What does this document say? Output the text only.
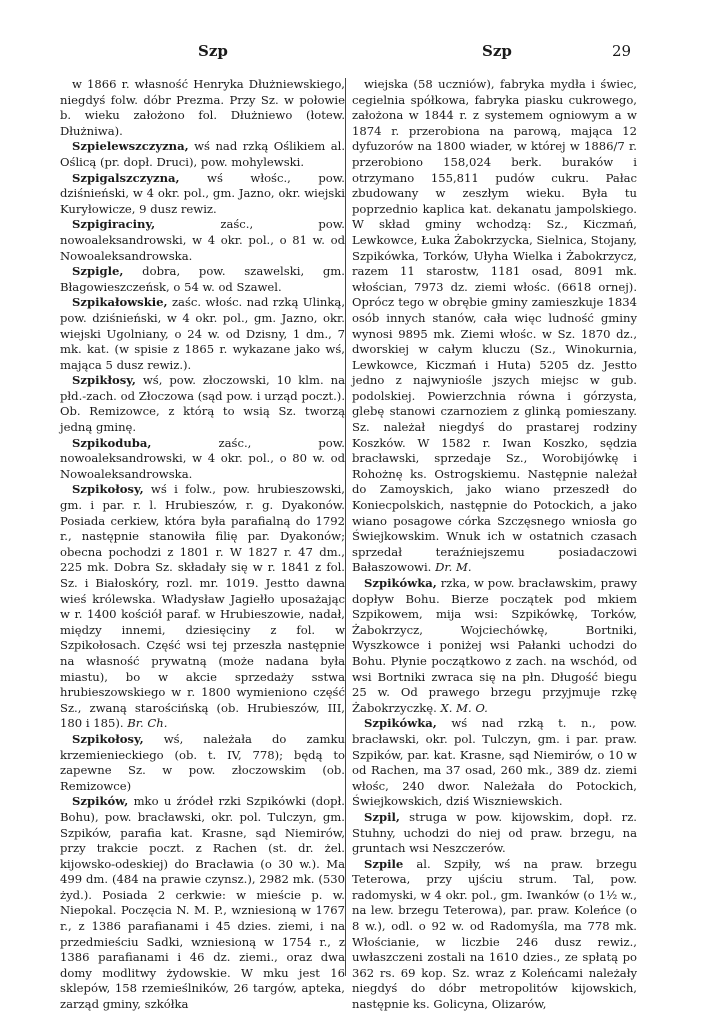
Szp	Szp	29

w 1866 r. własność Henryka Dłużniewskiego, niegdyś folw. dóbr Prezma. Przy Sz. w połowie b. wieku założono fol. Dłużniewo (łotew. Dłużniwa).

Szpielewszczyzna, wś nad rzką Oślikiem al. Oślicą (pr. dopł. Druci), pow. mohylewski.

Szpigalszczyzna, wś włośc., pow. dziśnieński, w 4 okr. pol., gm. Jazno, okr. wiejski Kuryłowicze, 9 dusz rewiz.

Szpigiraciny, zaśc., pow. nowoaleksandrowski, w 4 okr. pol., o 81 w. od Nowoaleksandrowska.

Szpigle, dobra, pow. szawelski, gm. Błagowieszczeńsk, o 54 w. od Szawel.

Szpikałowskie, zaśc. włośc. nad rzką Ulinką, pow. dziśnieński, w 4 okr. pol., gm. Jazno, okr. wiejski Ugolniany, o 24 w. od Dzisny, 1 dm., 7 mk. kat. (w spisie z 1865 r. wykazane jako wś, mająca 5 dusz rewiz.).

Szpikłosy, wś, pow. złoczowski, 10 klm. na płd.-zach. od Złoczowa (sąd pow. i urząd poczt.). Ob. Remizowce, z którą to wsią Sz. tworzą jedną gminę.

Szpikoduba, zaśc., pow. nowoaleksandrowski, w 4 okr. pol., o 80 w. od Nowoaleksandrowska.

Szpikołosy, wś i folw., pow. hrubieszowski, gm. i par. r. l. Hrubieszów, r. g. Dyakonów. Posiada cerkiew, która była parafialną do 1792 r., następnie stanowiła filię par. Dyakonów; obecna pochodzi z 1801 r. W 1827 r. 47 dm., 225 mk. Dobra Sz. składały się w r. 1841 z fol. Sz. i Białoskóry, rozl. mr. 1019. Jestto dawna wieś królewska. Władysław Jagiełło uposażając w r. 1400 kościół paraf. w Hrubieszowie, nadał, między innemi, dziesięciny z fol. w Szpikołosach. Część wsi tej przeszła następnie na własność prywatną (może nadana była miastu), bo w akcie sprzedaży sstwa hrubieszowskiego w r. 1800 wymieniono część Sz., zwaną starościńską (ob. Hrubieszów, III, 180 i 185). Br. Ch.

Szpikołosy, wś, należała do zamku krzemienieckiego (ob. t. IV, 778); będą to zapewne Sz. w pow. złoczowskim (ob. Remizowce)

Szpików, mko u źródeł rzki Szpikówki (dopł. Bohu), pow. bracławski, okr. pol. Tulczyn, gm. Szpików, parafia kat. Krasne, sąd Niemirów, przy trakcie poczt. z Rachen (st. dr. żel. kijowsko-odeskiej) do Bracławia (o 30 w.). Ma 499 dm. (484 na prawie czynsz.), 2982 mk. (530 żyd.). Posiada 2 cerkwie: w mieście p. w. Niepokal. Poczęcia N. M. P., wzniesioną w 1767 r., z 1386 parafianami i 45 dzies. ziemi, i na przedmieściu Sadki, wzniesioną w 1754 r., z 1386 parafianami i 46 dz. ziemi., oraz dwa domy modlitwy żydowskie. W mku jest 16 sklepów, 158 rzemieślników, 26 targów, apteka, zarząd gminy, szkółka

wiejska (58 uczniów), fabryka mydła i świec, cegielnia spółkowa, fabryka piasku cukrowego, założona w 1844 r. z systemem ogniowym a w 1874 r. przerobiona na parową, mająca 12 dyfuzorów na 1800 wiader, w której w 1886/7 r. przerobiono 158,024 berk. buraków i otrzymano 155,811 pudów cukru. Pałac zbudowany w zeszłym wieku. Była tu poprzednio kaplica kat. dekanatu jampolskiego. W skład gminy wchodzą: Sz., Kiczmań, Lewkowce, Łuka Żabokrzycka, Sielnica, Stojany, Szpikówka, Torków, Ułyha Wielka i Żabokrzycz, razem 11 starostw, 1181 osad, 8091 mk. włościan, 7973 dz. ziemi włośc. (6618 ornej). Oprócz tego w obrębie gminy zamieszkuje 1834 osób innych stanów, cała więc ludność gminy wynosi 9895 mk. Ziemi włośc. w Sz. 1870 dz., dworskiej w całym kluczu (Sz., Winokurnia, Lewkowce, Kiczmań i Huta) 5205 dz. Jestto jedno z najwyniośle jszych miejsc w gub. podolskiej. Powierzchnia równa i górzysta, glebę stanowi czarnoziem z glinką pomieszany. Sz. należał niegdyś do prastarej rodziny Koszków. W 1582 r. Iwan Koszko, sędzia bracławski, sprzedaje Sz., Worobijówkę i Rohożnę ks. Ostrogskiemu. Następnie należał do Zamoyskich, jako wiano przeszedł do Koniecpolskich, następnie do Potockich, a jako wiano posagowe córka Szczęsnego wniosła go Świejkowskim. Wnuk ich w ostatnich czasach sprzedał teraźniejszemu posiadaczowi Bałaszowowi. Dr. M.

Szpikówka, rzka, w pow. bracławskim, prawy dopływ Bohu. Bierze początek pod mkiem Szpikowem, mija wsi: Szpikówkę, Torków, Żabokrzycz, Wojciechówkę, Bortniki, Wyszkowce i poniżej wsi Pałanki uchodzi do Bohu. Płynie początkowo z zach. na wschód, od wsi Bortniki zwraca się na płn. Długość biegu 25 w. Od prawego brzegu przyjmuje rzkę Żabokrzyczkę. X. M. O.

Szpikówka, wś nad rzką t. n., pow. bracławski, okr. pol. Tulczyn, gm. i par. praw. Szpików, par. kat. Krasne, sąd Niemirów, o 10 w od Rachen, ma 37 osad, 260 mk., 389 dz. ziemi włośc, 240 dwor. Należała do Potockich, Świejkowskich, dziś Wiszniewskich.

Szpil, struga w pow. kijowskim, dopł. rz. Stuhny, uchodzi do niej od praw. brzegu, na gruntach wsi Neszczerów.

Szpile al. Szpiły, wś na praw. brzegu Teterowa, przy ujściu strum. Tal, pow. radomyski, w 4 okr. pol., gm. Iwanków (o 1½ w., na lew. brzegu Teterowa), par. praw. Koleńce (o 8 w.), odl. o 92 w. od Radomyśla, ma 778 mk. Włościanie, w liczbie 246 dusz rewiz., uwłaszczeni zostali na 1610 dzies., ze spłatą po 362 rs. 69 kop. Sz. wraz z Koleńcami należały niegdyś do dóbr metropolitów kijowskich, następnie ks. Golicyna, Olizarów,
